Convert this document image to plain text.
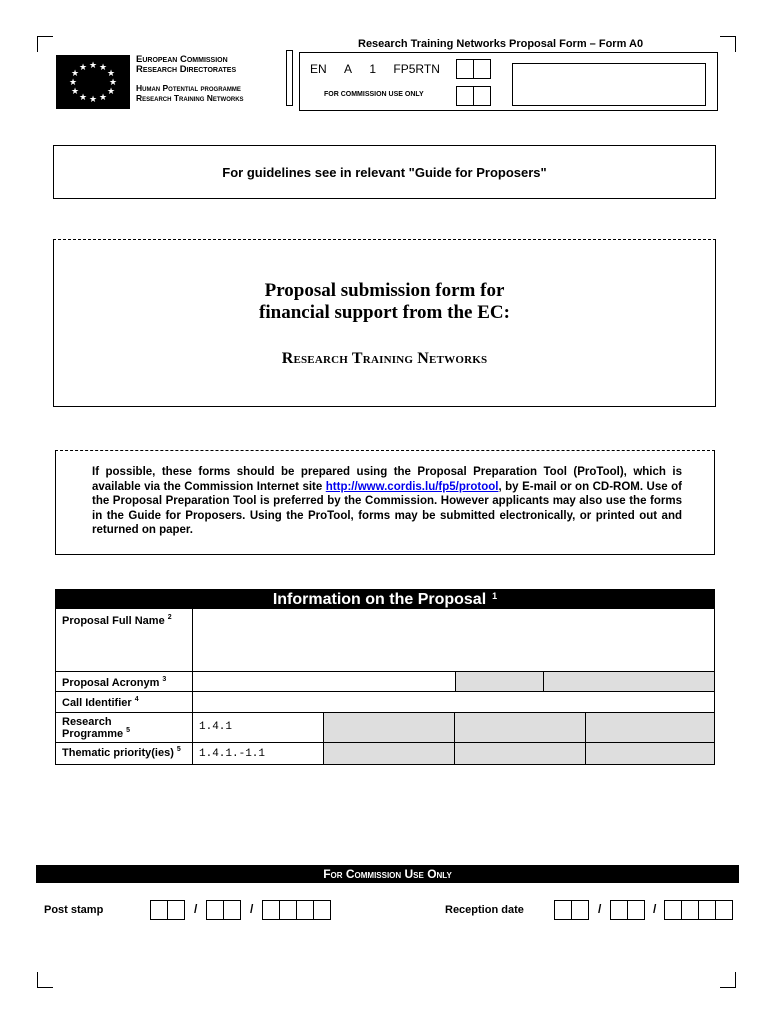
Research Training Networks Proposal Form – Form A0
★ ★
★
★
★
★
★
★
★
★
★
★
European Commission
Research Directorates
Human Potential programme
Research Training Networks
EN A 1 FP5RTN
FOR COMMISSION USE ONLY
For guidelines see in relevant "Guide for Proposers"
Proposal submission form for
financial support from the EC:
Research Training Networks
If possible, these forms should be prepared using the Proposal Preparation Tool (ProTool), which is available via the Commission Internet site http://www.cordis.lu/fp5/protool, by E-mail or on CD-ROM. Use of the Proposal Preparation Tool is preferred by the Commission. However applicants may also use the forms in the Guide for Proposers. Using the ProTool, forms may be submitted electronically, or printed out and returned on paper.
Information on the Proposal $^1$
Proposal Full Name $^2$
Proposal Acronym $^3$
Call Identifier $^4$
Research
Programme $^5$	1.4.1
Thematic priority(ies) $^5$ 1.4.1.-1.1
For Commission Use Only
Post stamp	/	/	Reception date	/	/
